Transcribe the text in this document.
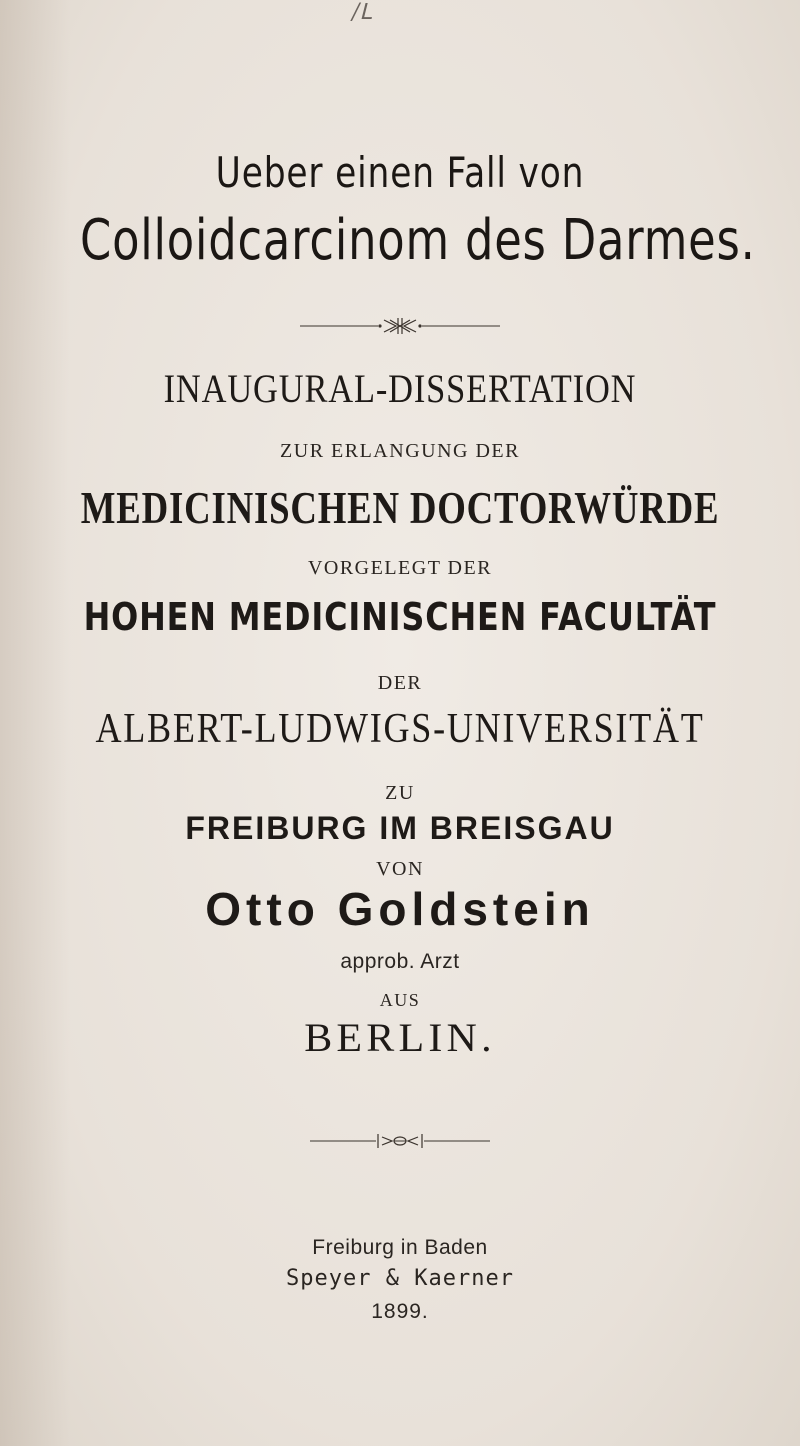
/ᒪ
Ueber einen Fall von
Colloidcarcinom des Darmes.
INAUGURAL-DISSERTATION
ZUR ERLANGUNG DER
MEDICINISCHEN DOCTORWÜRDE
VORGELEGT DER
HOHEN MEDICINISCHEN FACULTÄT
DER
ALBERT-LUDWIGS-UNIVERSITÄT
ZU
FREIBURG IM BREISGAU
VON
Otto Goldstein
approb. Arzt
AUS
BERLIN.
Freiburg in Baden
Speyer & Kaerner
1899.
